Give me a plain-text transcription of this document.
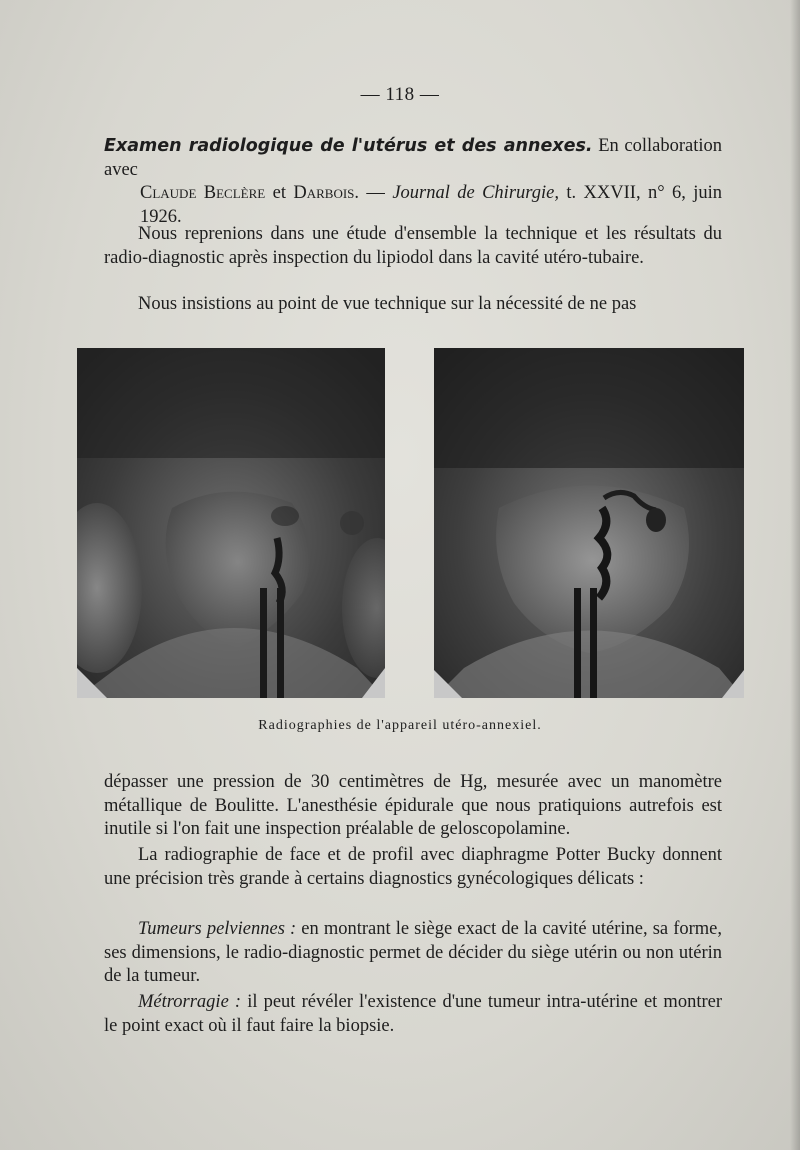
— 118 —
Examen radiologique de l'utérus et des annexes. En collaboration avec
Claude Beclère et Darbois. — Journal de Chirurgie, t. XXVII, n° 6, juin 1926.

Nous reprenions dans une étude d'ensemble la technique et les résultats du radio-diagnostic après inspection du lipiodol dans la cavité utéro-tubaire.

Nous insistions au point de vue technique sur la nécessité de ne pas

Radiographies de l'appareil utéro-annexiel.

dépasser une pression de 30 centimètres de Hg, mesurée avec un manomètre métallique de Boulitte. L'anesthésie épidurale que nous pratiquions autrefois est inutile si l'on fait une inspection préalable de geloscopolamine.

La radiographie de face et de profil avec diaphragme Potter Bucky donnent une précision très grande à certains diagnostics gynécologiques délicats :

Tumeurs pelviennes : en montrant le siège exact de la cavité utérine, sa forme, ses dimensions, le radio-diagnostic permet de décider du siège utérin ou non utérin de la tumeur.

Métrorragie : il peut révéler l'existence d'une tumeur intra-utérine et montrer le point exact où il faut faire la biopsie.
